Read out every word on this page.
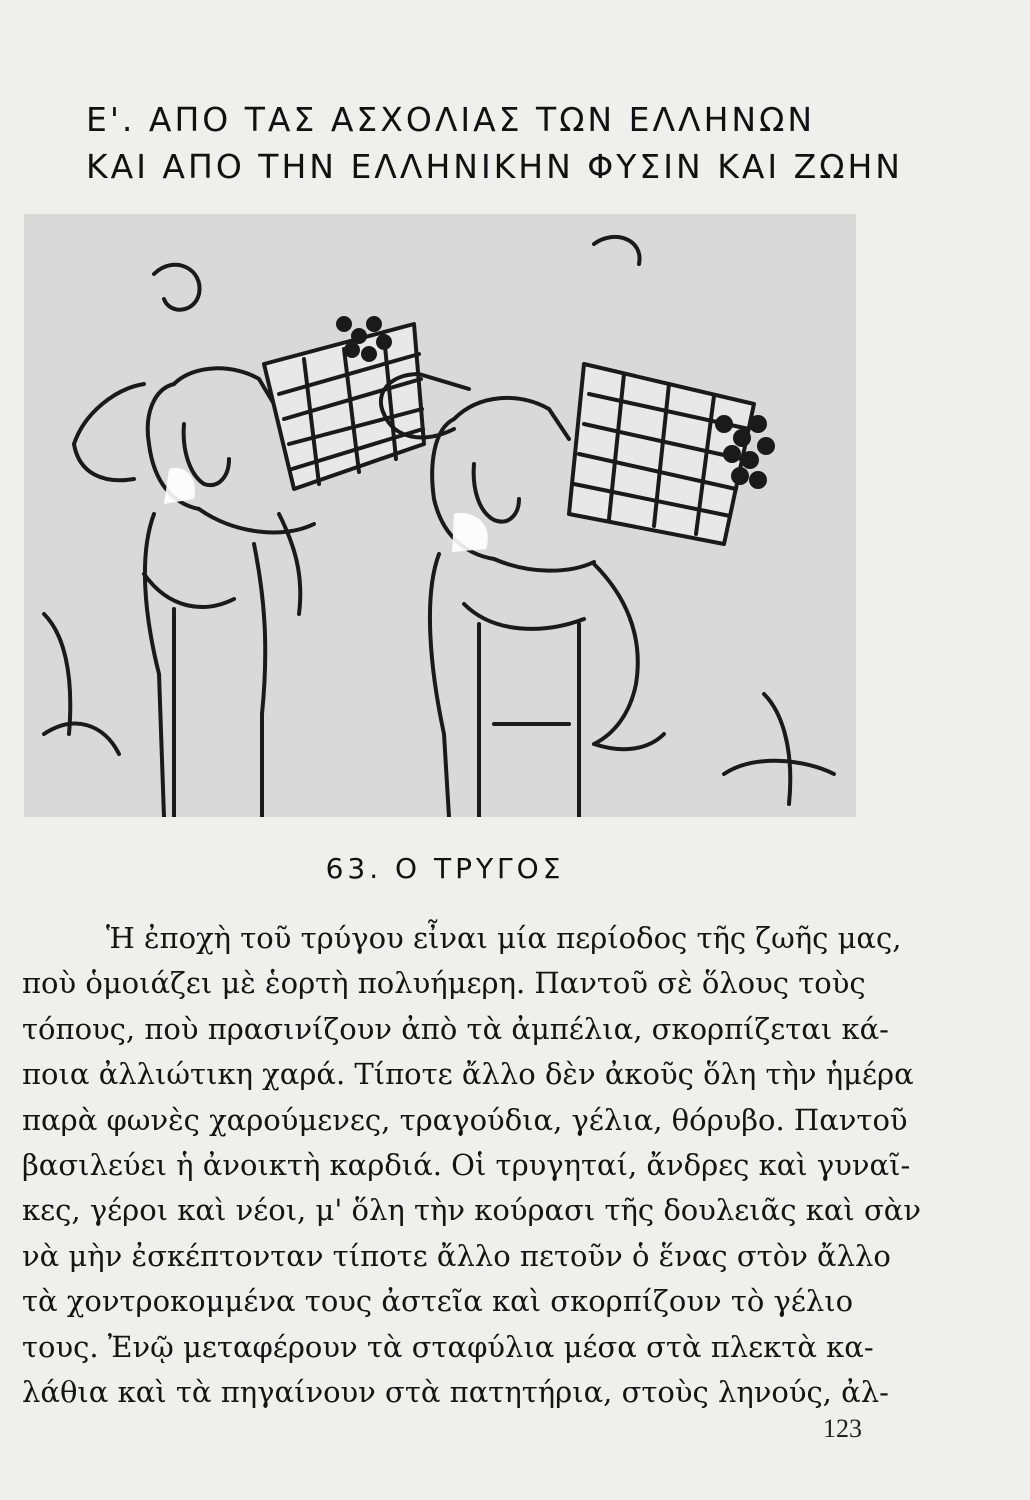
Ε'. ΑΠΟ ΤΑΣ ΑΣΧΟΛΙΑΣ ΤΩΝ ΕΛΛΗΝΩΝ
ΚΑΙ ΑΠΟ ΤΗΝ ΕΛΛΗΝΙΚΗΝ ΦΥΣΙΝ ΚΑΙ ΖΩΗΝ
63. Ο ΤΡΥΓΟΣ
Ἡ ἐποχὴ τοῦ τρύγου εἶναι μία περίοδος τῆς ζωῆς μας,
ποὺ ὁμοιάζει μὲ ἑορτὴ πολυήμερη. Παντοῦ σὲ ὅλους τοὺς
τόπους, ποὺ πρασινίζουν ἀπὸ τὰ ἀμπέλια, σκορπίζεται κά-
ποια ἀλλιώτικη χαρά. Τίποτε ἄλλο δὲν ἀκοῦς ὅλη τὴν ἡμέρα
παρὰ φωνὲς χαρούμενες, τραγούδια, γέλια, θόρυβο. Παντοῦ
βασιλεύει ἡ ἀνοικτὴ καρδιά. Οἱ τρυγηταί, ἄνδρες καὶ γυναῖ-
κες, γέροι καὶ νέοι, μ' ὅλη τὴν κούρασι τῆς δουλειᾶς καὶ σὰν
νὰ μὴν ἐσκέπτονταν τίποτε ἄλλο πετοῦν ὁ ἕνας στὸν ἄλλο
τὰ χοντροκομμένα τους ἀστεῖα καὶ σκορπίζουν τὸ γέλιο
τους. Ἐνῷ μεταφέρουν τὰ σταφύλια μέσα στὰ πλεκτὰ κα-
λάθια καὶ τὰ πηγαίνουν στὰ πατητήρια, στοὺς ληνούς, ἀλ-
123
